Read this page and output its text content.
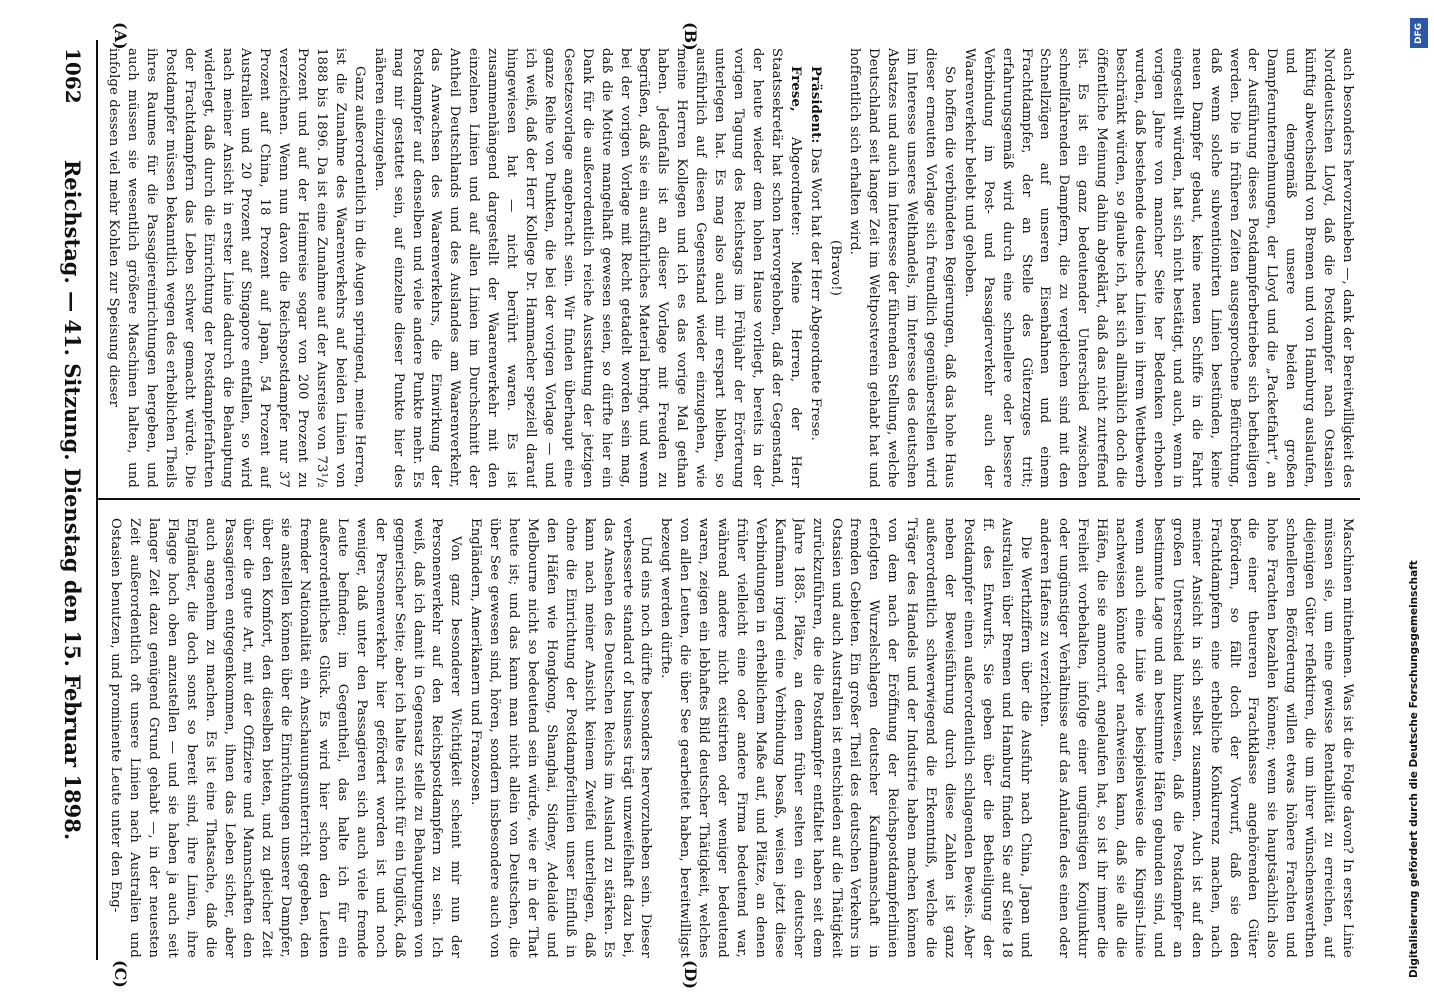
1062
Reichstag. — 41. Sitzung. Dienstag den 15. Februar 1898.
(A)	(B)
(C)	(D)

auch besonders hervorzuheben —, dank der Bereitwilligkeit des Norddeutschen Lloyd, daß die Postdampfer nach Ostasien künftig abwechselnd von Bremen und von Hamburg auslaufen, und demgemäß unsere beiden großen Dampferunternehmungen, der Lloyd und die „Packetfahrt“, an der Ausführung dieses Postdampferbetriebes sich betheiligen werden. Die in früheren Zeiten ausgesprochene Befürchtung, daß wenn solche subventionirten Linien bestünden, keine neuen Dampfer gebaut, keine neuen Schiffe in die Fahrt eingestellt würden, hat sich nicht bestätigt, und auch, wenn in vorigen Jahre von mancher Seite her Bedenken erhoben wurden, daß bestehende deutsche Linien in ihrem Wettbewerb beschränkt würden, so glaube ich, hat sich allmählich doch die öffentliche Meinung dahin abgeklärt, daß das nicht zutreffend ist. Es ist ein ganz bedeutender Unterschied zwischen schnellfahrenden Dampfern, die zu vergleichen sind mit den Schnellzügen auf unseren Eisenbahnen und einem Frachtdampfer, der an Stelle des Güterzuges tritt; erfahrungsgemäß wird durch eine schnellere oder bessere Verbindung im Post- und Passagierverkehr auch der Waarenverkehr belebt und gehoben.

So hoffen die verbündeten Regierungen, daß das hohe Haus dieser erneuten Vorlage sich freundlich gegenüberstellen wird im Interesse unseres Welthandels, im Interesse des deutschen Absatzes und auch im Interesse der führenden Stellung, welche Deutschland seit langer Zeit im Weltpostverein gehabt hat und hoffentlich sich erhalten wird.

(Bravo!)

Präsident: Das Wort hat der Herr Abgeordnete Frese.

Frese, Abgeordneter: Meine Herren, der Herr Staatssekretär hat schon hervorgehoben, daß der Gegenstand, der heute wieder dem hohen Hause vorliegt, bereits in der vorigen Tagung des Reichstags im Frühjahr der Erörterung unterlegen hat. Es mag also auch mir erspart bleiben, so ausführlich auf diesen Gegenstand wieder einzugehen, wie meine Herren Kollegen und ich es das vorige Mal gethan haben. Jedenfalls ist an dieser Vorlage mit Freuden zu begrüßen, daß sie ein ausführliches Material bringt, und wenn bei der vorigen Vorlage mit Recht getadelt worden sein mag, daß die Motive mangelhaft gewesen seien, so dürfte hier ein Dank für die außerordentlich reiche Ausstattung der jetzigen Gesetzesvorlage angebracht sein. Wir finden überhaupt eine ganze Reihe von Punkten, die bei der vorigen Vorlage — und ich weiß, daß der Herr Kollege Dr. Hammacher speziell darauf hingewiesen hat — nicht berührt waren. Es ist zusammenhängend dargestellt der Waarenverkehr mit den einzelnen Linien und auf allen Linien im Durchschnitt der Antheil Deutschlands und des Auslandes am Waarenverkehr, das Anwachsen des Waarenverkehrs, die Einwirkung der Postdampfer auf denselben und viele andere Punkte mehr. Es mag mir gestattet sein, auf einzelne dieser Punkte hier des näheren einzugehen.

Ganz außerordentlich in die Augen springend, meine Herren, ist die Zunahme des Waarenverkehrs auf beiden Linien von 1888 bis 1896. Da ist eine Zunahme auf der Ausreise von 73¹/₂ Prozent und auf der Heimreise sogar von 200 Prozent zu verzeichnen. Wenn nun davon die Reichspostdampfer nur 37 Prozent auf China, 18 Prozent auf Japan, 54 Prozent auf Australien und 20 Prozent auf Singapore entfallen, so wird nach meiner Ansicht in erster Linie dadurch die Behauptung widerlegt, daß durch die Einrichtung der Postdampferfahrten der Frachtdampfern das Leben schwer gemacht würde. Die Postdampfer müssen bekanntlich wegen des erheblichen Theils ihres Raumes für die Passagiereinrichtungen hergeben, und auch müssen sie wesentlich größere Maschinen halten, und infolge dessen viel mehr Kohlen zur Speisung dieser

Maschinen mitnehmen. Was ist die Folge davon? In erster Linie müssen sie, um eine gewisse Rentabilität zu erreichen, auf diejenigen Güter reflektiren, die um ihrer wünschenswerthen schnelleren Beförderung willen etwas höhere Frachten und hohe Frachten bezahlen können; wenn sie hauptsächlich also die einer theureren Frachtklasse angehörenden Güter befördern, so fällt doch der Vorwurf, daß sie den Frachtdampfern eine erhebliche Konkurrenz machen, nach meiner Ansicht in sich selbst zusammen. Auch ist auf den großen Unterschied hinzuweisen, daß die Postdampfer an bestimmte Lage und an bestimmte Häfen gebunden sind, und wenn auch eine Linie wie beispielsweise die Kingsin-Linie nachweisen könnte oder nachweisen kann, daß sie alle die Häfen, die sie annoncirt, angelaufen hat, so ist ihr immer die Freiheit vorbehalten, infolge einer ungünstigen Konjunktur oder ungünstiger Verhältnisse auf das Anlaufen des einen oder anderen Hafens zu verzichten.

Die Werthziffern über die Ausfuhr nach China, Japan und Australien über Bremen und Hamburg finden Sie auf Seite 18 ff. des Entwurfs. Sie geben über die Betheiligung der Postdampfer einen außerordentlich schlagenden Beweis. Aber neben der Beweisführung durch diese Zahlen ist ganz außerordentlich schwerwiegend die Erkenntniß, welche die Träger des Handels und der Industrie haben machen können von dem nach der Eröffnung der Reichspostdampferlinien erfolgten Wurzelschlagen deutscher Kaufmannschaft in fremden Gebieten. Ein großer Theil des deutschen Verkehrs in Ostasien und auch Australien ist entschieden auf die Thätigkeit zurückzuführen, die die Postdampfer entfaltet haben seit dem Jahre 1885. Plätze, an denen früher selten ein deutscher Kaufmann irgend eine Verbindung besaß, weisen jetzt diese Verbindungen in erheblichem Maße auf, und Plätze, an denen früher vielleicht eine oder andere Firma bedeutend war, während andere nicht existirten oder weniger bedeutend waren, zeigen ein lebhaftes Bild deutscher Thätigkeit, welches von allen Leuten, die über See gearbeitet haben, bereitwilligst bezeugt werden dürfte.

Und eins noch dürfte besonders hervorzuheben sein. Dieser verbesserte standard of business trägt unzweifelhaft dazu bei, das Ansehen des Deutschen Reichs im Ausland zu stärken. Es kann nach meiner Ansicht keinem Zweifel unterliegen, daß ohne die Einrichtung der Postdampferlinien unser Einfluß in den Häfen wie Hongkong, Shanghai, Sidney, Adelaide und Melbourne nicht so bedeutend sein würde, wie er in der That heute ist; und das kann man nicht allein von Deutschen, die über See gewesen sind, hören, sondern insbesondere auch von Engländern, Amerikanern und Franzosen.

Von ganz besonderer Wichtigkeit scheint mir nun der Personenverkehr auf den Reichspostdampfern zu sein. Ich weiß, daß ich damit in Gegensatz stelle zu Behauptungen von gegnerischer Seite; aber ich halte es nicht für ein Unglück, daß der Personenverkehr hier gefördert worden ist und noch weniger, daß unter den Passagieren sich auch viele fremde Leute befinden; im Gegentheil, das halte ich für ein außerordentliches Glück. Es wird hier schon den Leuten fremder Nationalität ein Anschauungsunterricht gegeben, den sie anstellen können über die Einrichtungen unserer Dampfer, über den Komfort, den dieselben bieten, und zu gleicher Zeit über die gute Art, mit der Offiziere und Mannschaften den Passagieren entgegenkommen, ihnen das Leben sicher, aber auch angenehm zu machen. Es ist eine Thatsache, daß die Engländer, die doch sonst so bereit sind, ihre Linien, ihre Flagge hoch oben anzustellen — und sie haben ja auch seit langer Zeit dazu genügend Grund gehabt —, in der neuesten Zeit außerordentlich oft unsere Linien nach Australien und Ostasien benutzen, und prominente Leute unter den Eng-

DFG
Digitalisierung gefördert durch die Deutsche Forschungsgemeinschaft
